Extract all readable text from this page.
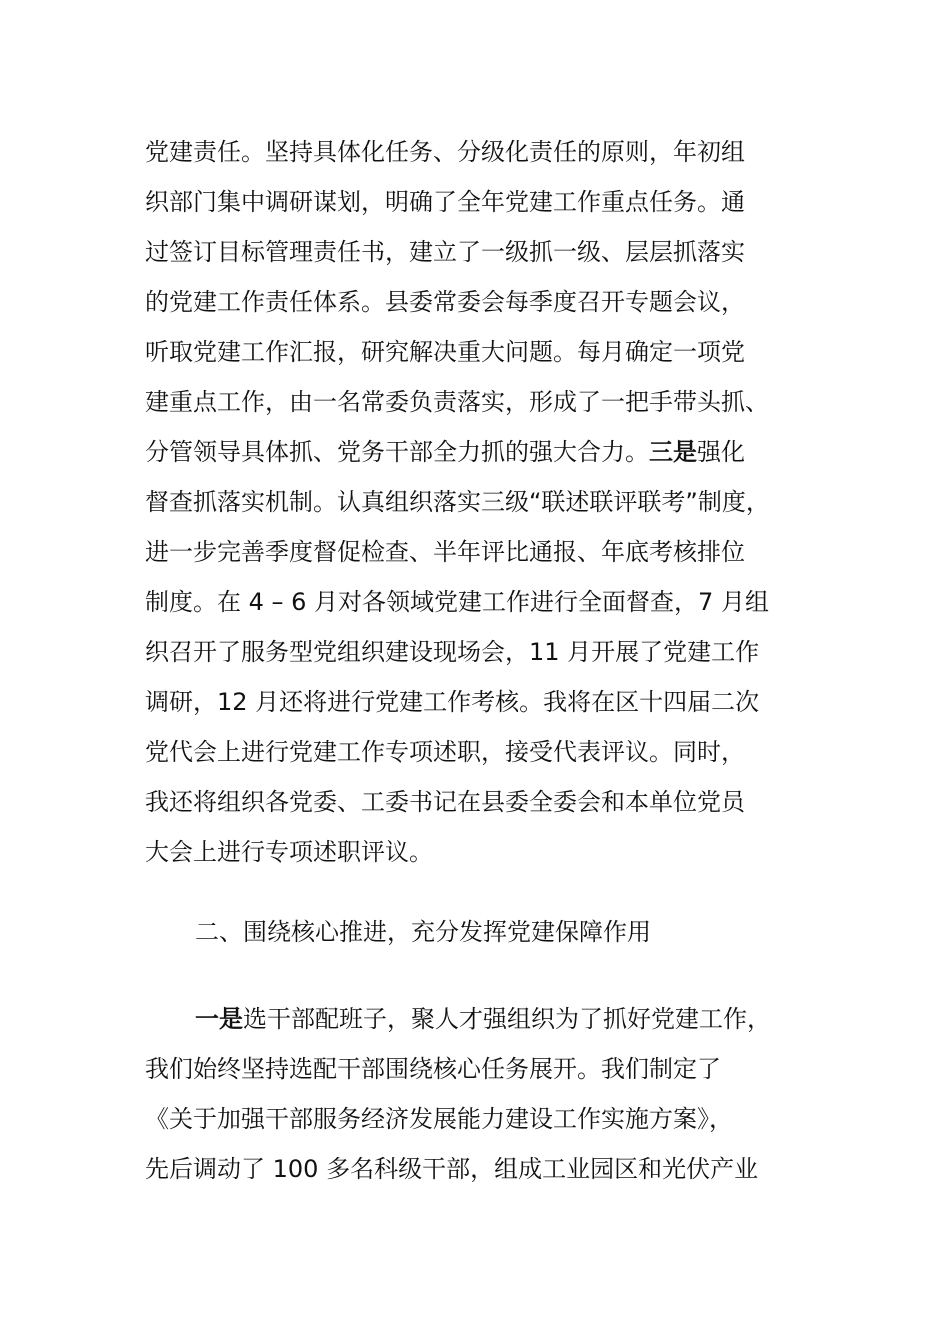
党建责任。坚持具体化任务、分级化责任的原则，年初组
织部门集中调研谋划，明确了全年党建工作重点任务。通
过签订目标管理责任书，建立了一级抓一级、层层抓落实
的党建工作责任体系。县委常委会每季度召开专题会议，
听取党建工作汇报，研究解决重大问题。每月确定一项党
建重点工作，由一名常委负责落实，形成了一把手带头抓、
分管领导具体抓、党务干部全力抓的强大合力。三是强化
督查抓落实机制。认真组织落实三级“联述联评联考”制度，
进一步完善季度督促检查、半年评比通报、年底考核排位
制度。在 4 – 6 月对各领域党建工作进行全面督查，7 月组
织召开了服务型党组织建设现场会，11 月开展了党建工作
调研，12 月还将进行党建工作考核。我将在区十四届二次
党代会上进行党建工作专项述职，接受代表评议。同时，
我还将组织各党委、工委书记在县委全委会和本单位党员
大会上进行专项述职评议。
二、围绕核心推进，充分发挥党建保障作用
一是选干部配班子，聚人才强组织为了抓好党建工作，
我们始终坚持选配干部围绕核心任务展开。我们制定了
《关于加强干部服务经济发展能力建设工作实施方案》，
先后调动了 100 多名科级干部，组成工业园区和光伏产业
